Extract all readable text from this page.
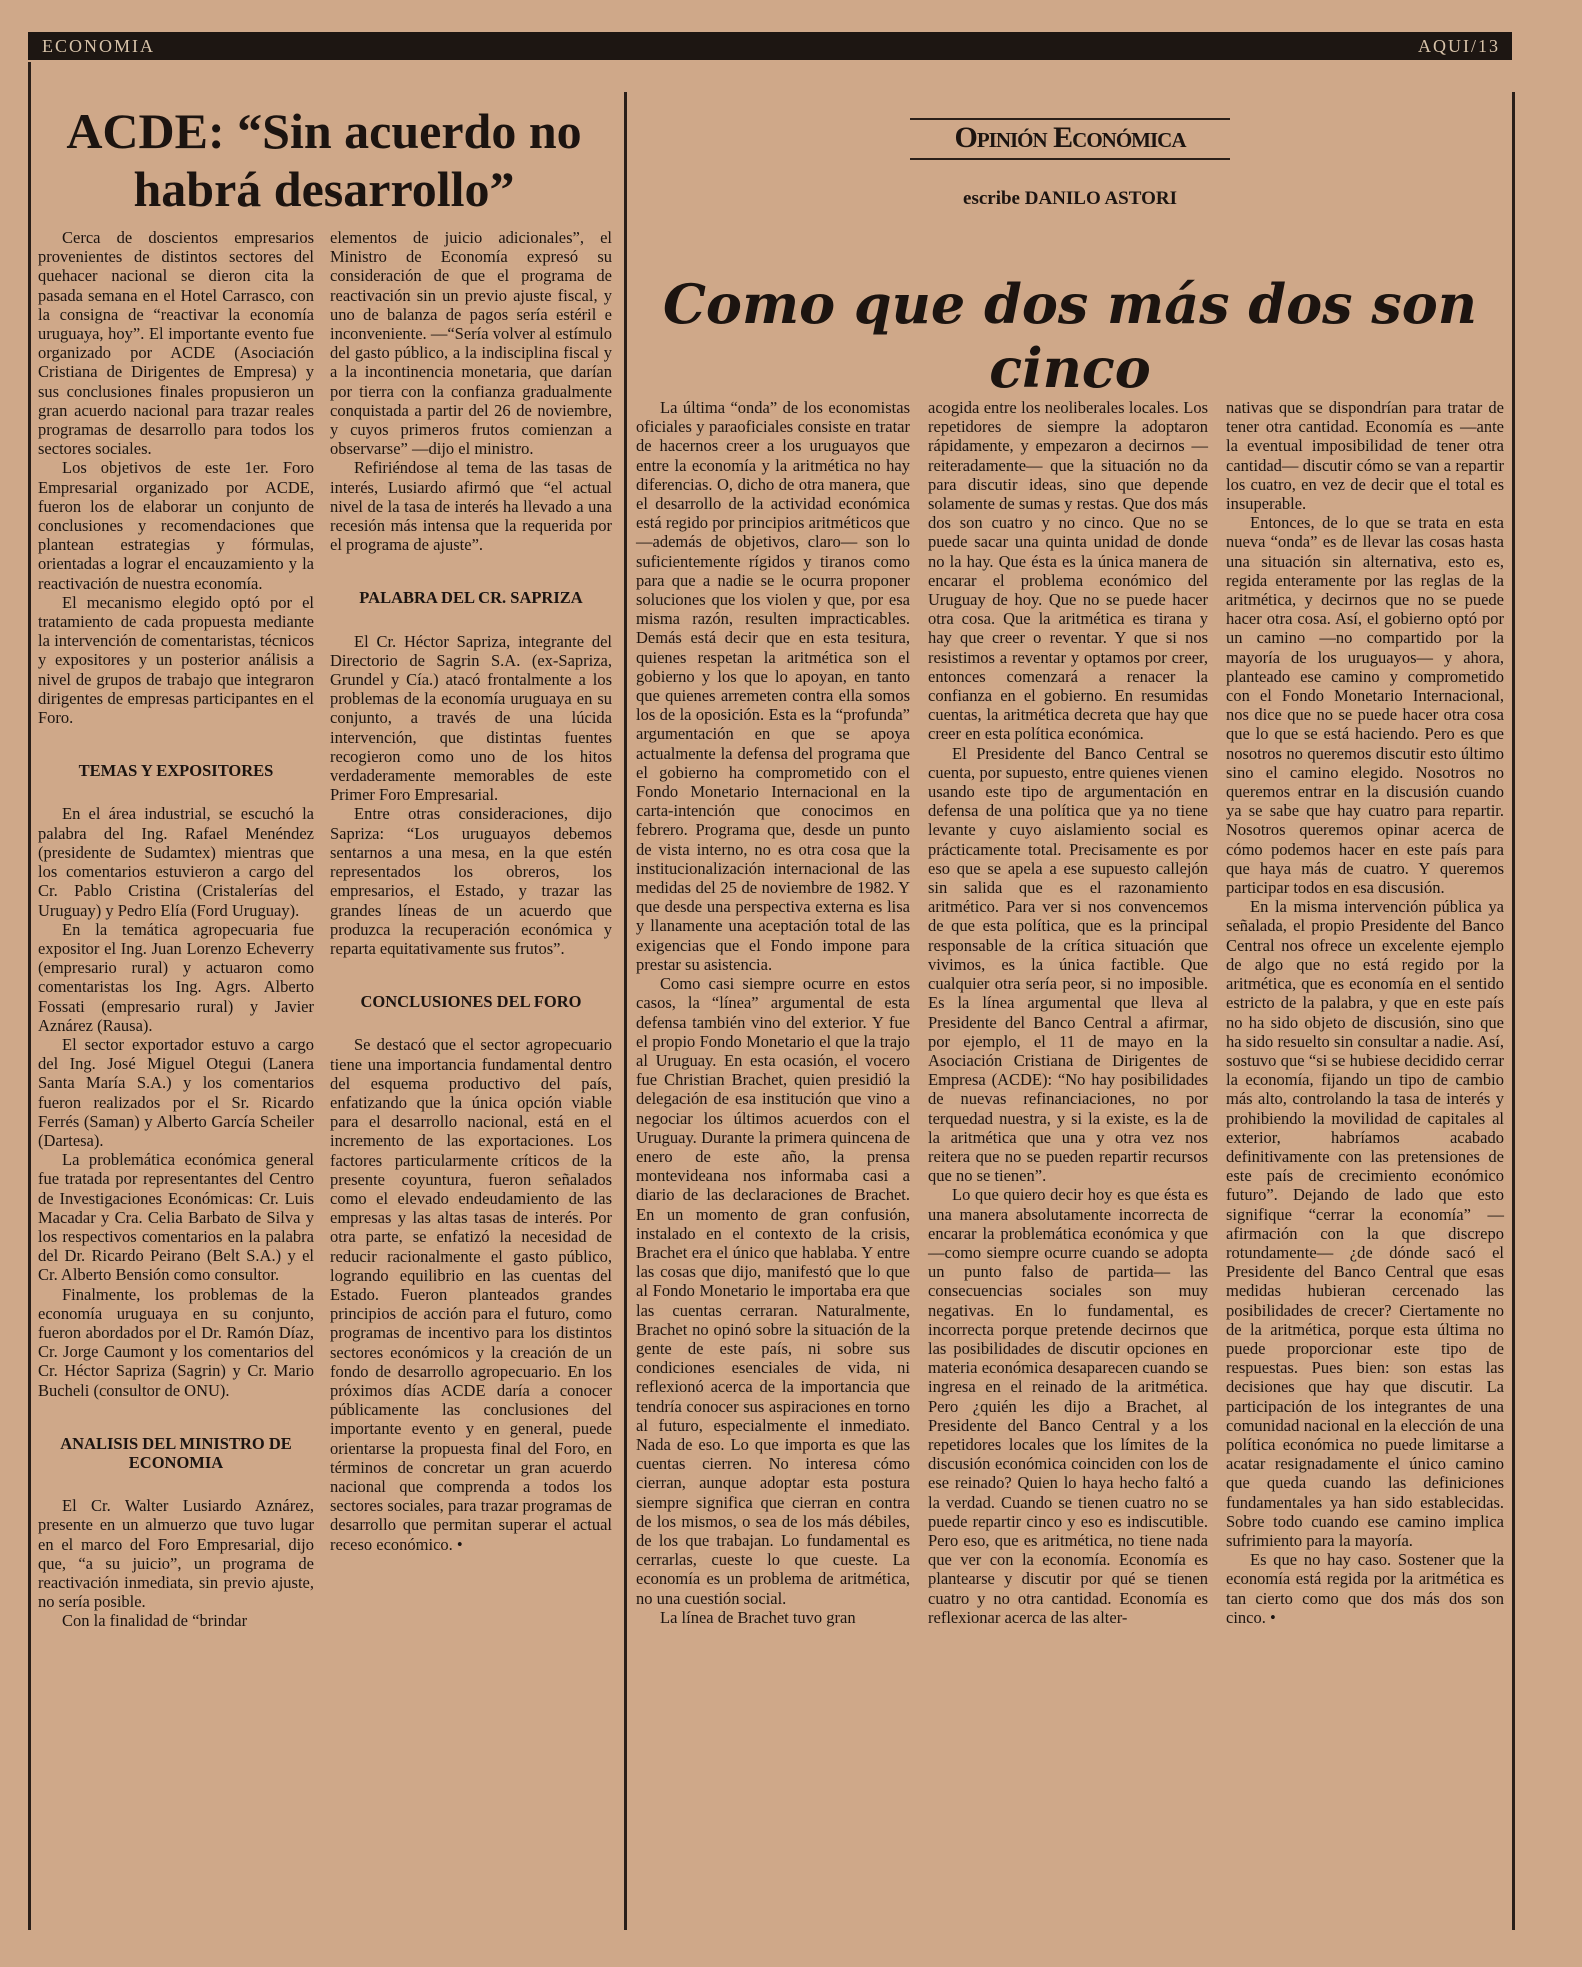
ECONOMIA	AQUI/13
ACDE: “Sin acuerdo no habrá desarrollo”
Opinión Económica
escribe DANILO ASTORI
Como que dos más dos son cinco

Cerca de doscientos empresarios provenientes de distintos sectores del quehacer nacional se dieron cita la pasada semana en el Hotel Carrasco, con la consigna de “reactivar la economía uruguaya, hoy”. El importante evento fue organizado por ACDE (Asociación Cristiana de Dirigentes de Empresa) y sus conclusiones finales propusieron un gran acuerdo nacional para trazar reales programas de desarrollo para todos los sectores sociales.

Los objetivos de este 1er. Foro Empresarial organizado por ACDE, fueron los de elaborar un conjunto de conclusiones y recomendaciones que plantean estrategias y fórmulas, orientadas a lograr el encauzamiento y la reactivación de nuestra economía.

El mecanismo elegido optó por el tratamiento de cada propuesta mediante la intervención de comentaristas, técnicos y expositores y un posterior análisis a nivel de grupos de trabajo que integraron dirigentes de empresas participantes en el Foro.

TEMAS Y EXPOSITORES

En el área industrial, se escuchó la palabra del Ing. Rafael Menéndez (presidente de Sudamtex) mientras que los comentarios estuvieron a cargo del Cr. Pablo Cristina (Cristalerías del Uruguay) y Pedro Elía (Ford Uruguay).

En la temática agropecuaria fue expositor el Ing. Juan Lorenzo Echeverry (empresario rural) y actuaron como comentaristas los Ing. Agrs. Alberto Fossati (empresario rural) y Javier Aznárez (Rausa).

El sector exportador estuvo a cargo del Ing. José Miguel Otegui (Lanera Santa María S.A.) y los comentarios fueron realizados por el Sr. Ricardo Ferrés (Saman) y Alberto García Scheiler (Dartesa).

La problemática económica general fue tratada por representantes del Centro de Investigaciones Económicas: Cr. Luis Macadar y Cra. Celia Barbato de Silva y los respectivos comentarios en la palabra del Dr. Ricardo Peirano (Belt S.A.) y el Cr. Alberto Bensión como consultor.

Finalmente, los problemas de la economía uruguaya en su conjunto, fueron abordados por el Dr. Ramón Díaz, Cr. Jorge Caumont y los comentarios del Cr. Héctor Sapriza (Sagrin) y Cr. Mario Bucheli (consultor de ONU).

ANALISIS DEL MINISTRO DE ECONOMIA

El Cr. Walter Lusiardo Aznárez, presente en un almuerzo que tuvo lugar en el marco del Foro Empresarial, dijo que, “a su juicio”, un programa de reactivación inmediata, sin previo ajuste, no sería posible.

Con la finalidad de “brindar

elementos de juicio adicionales”, el Ministro de Economía expresó su consideración de que el programa de reactivación sin un previo ajuste fiscal, y uno de balanza de pagos sería estéril e inconveniente. —“Sería volver al estímulo del gasto público, a la indisciplina fiscal y a la incontinencia monetaria, que darían por tierra con la confianza gradualmente conquistada a partir del 26 de noviembre, y cuyos primeros frutos comienzan a observarse” —dijo el ministro.

Refiriéndose al tema de las tasas de interés, Lusiardo afirmó que “el actual nivel de la tasa de interés ha llevado a una recesión más intensa que la requerida por el programa de ajuste”.

PALABRA DEL CR. SAPRIZA

El Cr. Héctor Sapriza, integrante del Directorio de Sagrin S.A. (ex-Sapriza, Grundel y Cía.) atacó frontalmente a los problemas de la economía uruguaya en su conjunto, a través de una lúcida intervención, que distintas fuentes recogieron como uno de los hitos verdaderamente memorables de este Primer Foro Empresarial.

Entre otras consideraciones, dijo Sapriza: “Los uruguayos debemos sentarnos a una mesa, en la que estén representados los obreros, los empresarios, el Estado, y trazar las grandes líneas de un acuerdo que produzca la recuperación económica y reparta equitativamente sus frutos”.

CONCLUSIONES DEL FORO

Se destacó que el sector agropecuario tiene una importancia fundamental dentro del esquema productivo del país, enfatizando que la única opción viable para el desarrollo nacional, está en el incremento de las exportaciones. Los factores particularmente críticos de la presente coyuntura, fueron señalados como el elevado endeudamiento de las empresas y las altas tasas de interés. Por otra parte, se enfatizó la necesidad de reducir racionalmente el gasto público, logrando equilibrio en las cuentas del Estado. Fueron planteados grandes principios de acción para el futuro, como programas de incentivo para los distintos sectores económicos y la creación de un fondo de desarrollo agropecuario. En los próximos días ACDE daría a conocer públicamente las conclusiones del importante evento y en general, puede orientarse la propuesta final del Foro, en términos de concretar un gran acuerdo nacional que comprenda a todos los sectores sociales, para trazar programas de desarrollo que permitan superar el actual receso económico. •

La última “onda” de los economistas oficiales y paraoficiales consiste en tratar de hacernos creer a los uruguayos que entre la economía y la aritmética no hay diferencias. O, dicho de otra manera, que el desarrollo de la actividad económica está regido por principios aritméticos que —además de objetivos, claro— son lo suficientemente rígidos y tiranos como para que a nadie se le ocurra proponer soluciones que los violen y que, por esa misma razón, resulten impracticables. Demás está decir que en esta tesitura, quienes respetan la aritmética son el gobierno y los que lo apoyan, en tanto que quienes arremeten contra ella somos los de la oposición. Esta es la “profunda” argumentación en que se apoya actualmente la defensa del programa que el gobierno ha comprometido con el Fondo Monetario Internacional en la carta-intención que conocimos en febrero. Programa que, desde un punto de vista interno, no es otra cosa que la institucionalización internacional de las medidas del 25 de noviembre de 1982. Y que desde una perspectiva externa es lisa y llanamente una aceptación total de las exigencias que el Fondo impone para prestar su asistencia.

Como casi siempre ocurre en estos casos, la “línea” argumental de esta defensa también vino del exterior. Y fue el propio Fondo Monetario el que la trajo al Uruguay. En esta ocasión, el vocero fue Christian Brachet, quien presidió la delegación de esa institución que vino a negociar los últimos acuerdos con el Uruguay. Durante la primera quincena de enero de este año, la prensa montevideana nos informaba casi a diario de las declaraciones de Brachet. En un momento de gran confusión, instalado en el contexto de la crisis, Brachet era el único que hablaba. Y entre las cosas que dijo, manifestó que lo que al Fondo Monetario le importaba era que las cuentas cerraran. Naturalmente, Brachet no opinó sobre la situación de la gente de este país, ni sobre sus condiciones esenciales de vida, ni reflexionó acerca de la importancia que tendría conocer sus aspiraciones en torno al futuro, especialmente el inmediato. Nada de eso. Lo que importa es que las cuentas cierren. No interesa cómo cierran, aunque adoptar esta postura siempre significa que cierran en contra de los mismos, o sea de los más débiles, de los que trabajan. Lo fundamental es cerrarlas, cueste lo que cueste. La economía es un problema de aritmética, no una cuestión social.

La línea de Brachet tuvo gran

acogida entre los neoliberales locales. Los repetidores de siempre la adoptaron rápidamente, y empezaron a decirnos —reiteradamente— que la situación no da para discutir ideas, sino que depende solamente de sumas y restas. Que dos más dos son cuatro y no cinco. Que no se puede sacar una quinta unidad de donde no la hay. Que ésta es la única manera de encarar el problema económico del Uruguay de hoy. Que no se puede hacer otra cosa. Que la aritmética es tirana y hay que creer o reventar. Y que si nos resistimos a reventar y optamos por creer, entonces comenzará a renacer la confianza en el gobierno. En resumidas cuentas, la aritmética decreta que hay que creer en esta política económica.

El Presidente del Banco Central se cuenta, por supuesto, entre quienes vienen usando este tipo de argumentación en defensa de una política que ya no tiene levante y cuyo aislamiento social es prácticamente total. Precisamente es por eso que se apela a ese supuesto callejón sin salida que es el razonamiento aritmético. Para ver si nos convencemos de que esta política, que es la principal responsable de la crítica situación que vivimos, es la única factible. Que cualquier otra sería peor, si no imposible. Es la línea argumental que lleva al Presidente del Banco Central a afirmar, por ejemplo, el 11 de mayo en la Asociación Cristiana de Dirigentes de Empresa (ACDE): “No hay posibilidades de nuevas refinanciaciones, no por terquedad nuestra, y si la existe, es la de la aritmética que una y otra vez nos reitera que no se pueden repartir recursos que no se tienen”.

Lo que quiero decir hoy es que ésta es una manera absolutamente incorrecta de encarar la problemática económica y que —como siempre ocurre cuando se adopta un punto falso de partida— las consecuencias sociales son muy negativas. En lo fundamental, es incorrecta porque pretende decirnos que las posibilidades de discutir opciones en materia económica desaparecen cuando se ingresa en el reinado de la aritmética. Pero ¿quién les dijo a Brachet, al Presidente del Banco Central y a los repetidores locales que los límites de la discusión económica coinciden con los de ese reinado? Quien lo haya hecho faltó a la verdad. Cuando se tienen cuatro no se puede repartir cinco y eso es indiscutible. Pero eso, que es aritmética, no tiene nada que ver con la economía. Economía es plantearse y discutir por qué se tienen cuatro y no otra cantidad. Economía es reflexionar acerca de las alter-

nativas que se dispondrían para tratar de tener otra cantidad. Economía es —ante la eventual imposibilidad de tener otra cantidad— discutir cómo se van a repartir los cuatro, en vez de decir que el total es insuperable.

Entonces, de lo que se trata en esta nueva “onda” es de llevar las cosas hasta una situación sin alternativa, esto es, regida enteramente por las reglas de la aritmética, y decirnos que no se puede hacer otra cosa. Así, el gobierno optó por un camino —no compartido por la mayoría de los uruguayos— y ahora, planteado ese camino y comprometido con el Fondo Monetario Internacional, nos dice que no se puede hacer otra cosa que lo que se está haciendo. Pero es que nosotros no queremos discutir esto último sino el camino elegido. Nosotros no queremos entrar en la discusión cuando ya se sabe que hay cuatro para repartir. Nosotros queremos opinar acerca de cómo podemos hacer en este país para que haya más de cuatro. Y queremos participar todos en esa discusión.

En la misma intervención pública ya señalada, el propio Presidente del Banco Central nos ofrece un excelente ejemplo de algo que no está regido por la aritmética, que es economía en el sentido estricto de la palabra, y que en este país no ha sido objeto de discusión, sino que ha sido resuelto sin consultar a nadie. Así, sostuvo que “si se hubiese decidido cerrar la economía, fijando un tipo de cambio más alto, controlando la tasa de interés y prohibiendo la movilidad de capitales al exterior, habríamos acabado definitivamente con las pretensiones de este país de crecimiento económico futuro”. Dejando de lado que esto signifique “cerrar la economía” —afirmación con la que discrepo rotundamente— ¿de dónde sacó el Presidente del Banco Central que esas medidas hubieran cercenado las posibilidades de crecer? Ciertamente no de la aritmética, porque esta última no puede proporcionar este tipo de respuestas. Pues bien: son estas las decisiones que hay que discutir. La participación de los integrantes de una comunidad nacional en la elección de una política económica no puede limitarse a acatar resignadamente el único camino que queda cuando las definiciones fundamentales ya han sido establecidas. Sobre todo cuando ese camino implica sufrimiento para la mayoría.

Es que no hay caso. Sostener que la economía está regida por la aritmética es tan cierto como que dos más dos son cinco. •
